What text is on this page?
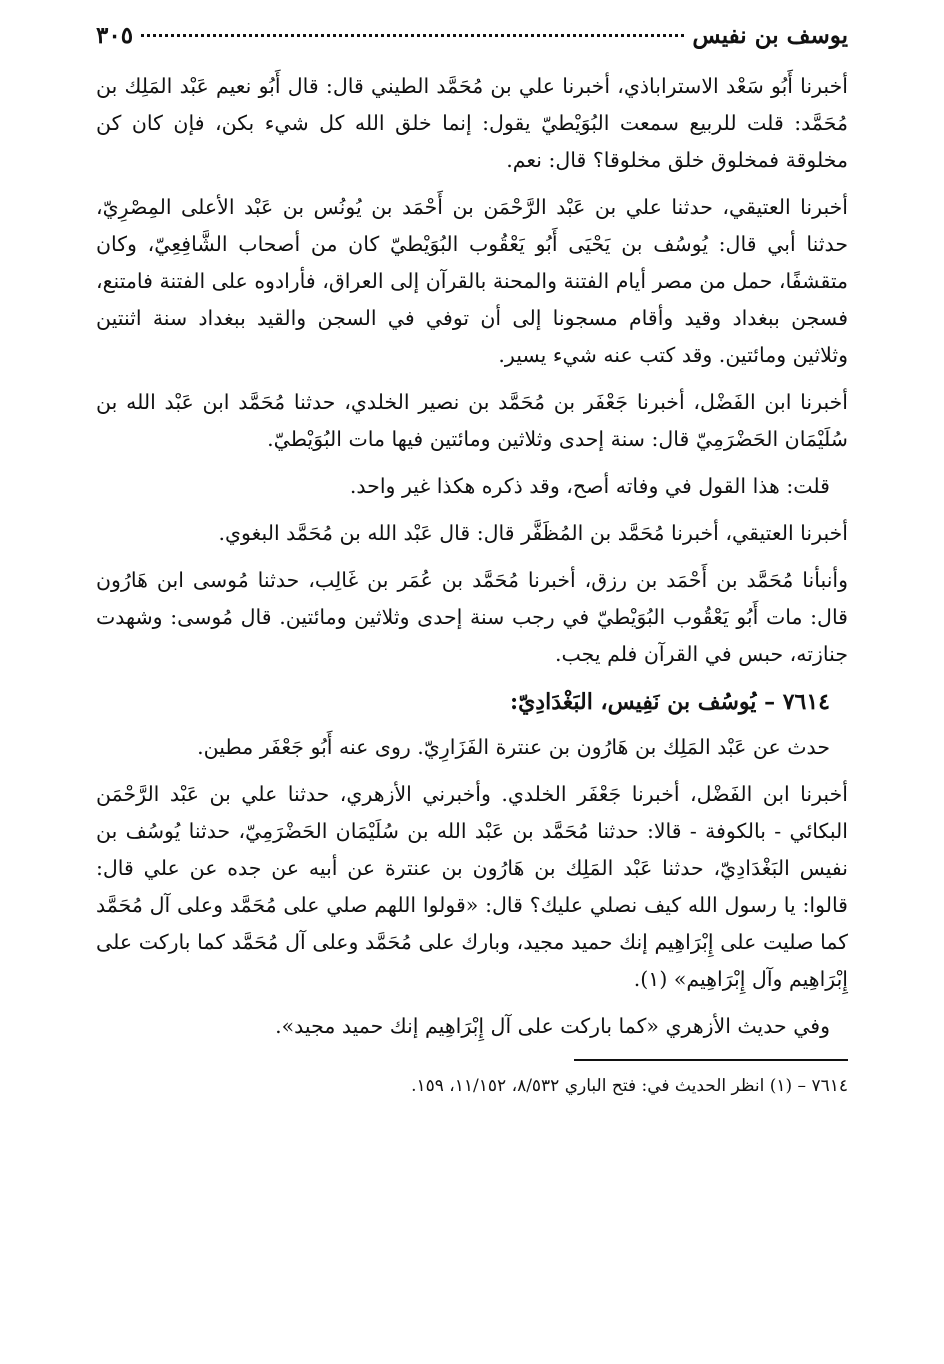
يوسف بن نفيس
٣٠٥

أخبرنا أَبُو سَعْد الاستراباذي، أخبرنا علي بن مُحَمَّد الطيني قال: قال أَبُو نعيم عَبْد المَلِك بن مُحَمَّد: قلت للربيع سمعت البُوَيْطيّ يقول: إنما خلق الله كل شيء بكن، فإن كان كن مخلوقة فمخلوق خلق مخلوقا؟ قال: نعم.

أخبرنا العتيقي، حدثنا علي بن عَبْد الرَّحْمَن بن أَحْمَد بن يُونُس بن عَبْد الأعلى المِصْرِيّ، حدثنا أبي قال: يُوسُف بن يَحْيَى أَبُو يَعْقُوب البُوَيْطيّ كان من أصحاب الشَّافِعِيّ، وكان متقشفًا، حمل من مصر أيام الفتنة والمحنة بالقرآن إلى العراق، فأرادوه على الفتنة فامتنع، فسجن ببغداد وقيد وأقام مسجونا إلى أن توفي في السجن والقيد ببغداد سنة اثنتين وثلاثين ومائتين. وقد كتب عنه شيء يسير.

أخبرنا ابن الفَضْل، أخبرنا جَعْفَر بن مُحَمَّد بن نصير الخلدي، حدثنا مُحَمَّد ابن عَبْد الله بن سُلَيْمَان الحَضْرَمِيّ قال: سنة إحدى وثلاثين ومائتين فيها مات البُوَيْطيّ.

قلت: هذا القول في وفاته أصح، وقد ذكره هكذا غير واحد.

أخبرنا العتيقي، أخبرنا مُحَمَّد بن المُظَفَّر قال: قال عَبْد الله بن مُحَمَّد البغوي.

وأنبأنا مُحَمَّد بن أَحْمَد بن رزق، أخبرنا مُحَمَّد بن عُمَر بن غَالِب، حدثنا مُوسى ابن هَارُون قال: مات أَبُو يَعْقُوب البُوَيْطيّ في رجب سنة إحدى وثلاثين ومائتين. قال مُوسى: وشهدت جنازته، حبس في القرآن فلم يجب.

٧٦١٤ – يُوسُف بن نَفِيس، البَغْدَادِيّ:

حدث عن عَبْد المَلِك بن هَارُون بن عنترة الفَزَارِيّ. روى عنه أَبُو جَعْفَر مطين.

أخبرنا ابن الفَضْل، أخبرنا جَعْفَر الخلدي. وأخبرني الأزهري، حدثنا علي بن عَبْد الرَّحْمَن البكائي - بالكوفة - قالا: حدثنا مُحَمَّد بن عَبْد الله بن سُلَيْمَان الحَضْرَمِيّ، حدثنا يُوسُف بن نفيس البَغْدَادِيّ، حدثنا عَبْد المَلِك بن هَارُون بن عنترة عن أبيه عن جده عن علي قال: قالوا: يا رسول الله كيف نصلي عليك؟ قال: «قولوا اللهم صلي على مُحَمَّد وعلى آل مُحَمَّد كما صليت على إِبْرَاهِيم إنك حميد مجيد، وبارك على مُحَمَّد وعلى آل مُحَمَّد كما باركت على إِبْرَاهِيم وآل إِبْرَاهِيم» (١).

وفي حديث الأزهري «كما باركت على آل إِبْرَاهِيم إنك حميد مجيد».

٧٦١٤ – (١) انظر الحديث في: فتح الباري ٨/٥٣٢، ١١/١٥٢، ١٥٩.
